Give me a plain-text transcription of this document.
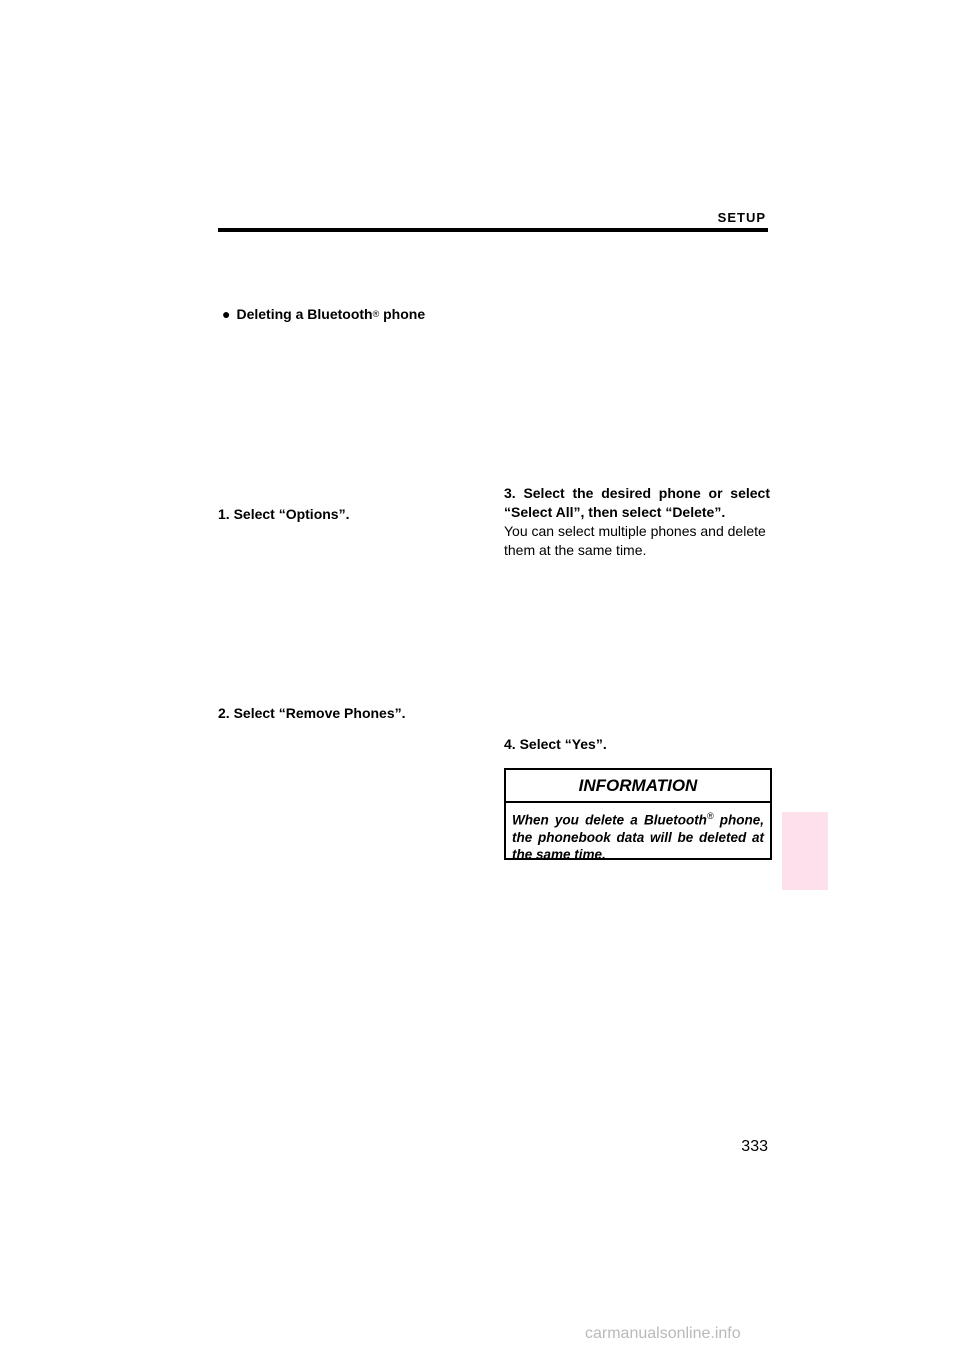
SETUP
● Deleting a Bluetooth ® phone
1. Select “Options”.
2. Select “Remove Phones”.
3. Select the desired phone or select “Select All”, then select “Delete”.
You can select multiple phones and delete them at the same time.
4. Select “Yes”.
INFORMATION
When you delete a Bluetooth® phone, the phonebook data will be deleted at the same time.
333
carmanualsonline.info
